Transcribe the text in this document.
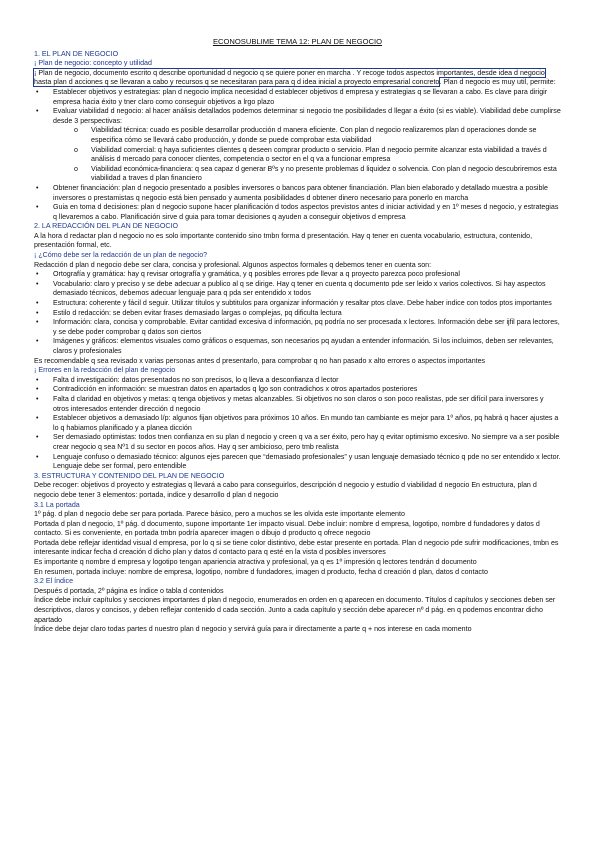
ECONOSUBLIME TEMA 12: PLAN DE NEGOCIO

1. EL PLAN DE NEGOCIO

¡ Plan de negocio: concepto y utilidad

¡ Plan de negocio, documento escrito q describe oportunidad d negocio q se quiere poner en marcha . Y recoge todos aspectos importantes, desde idea d negocio hasta plan d acciones q se llevaran a cabo y recursos q se necesitaran para para q d idea inicial a proyecto empresarial concreto. Plan d negocio es muy util, permite:

• Establecer objetivos y estrategias: plan d negocio implica necesidad d establecer objetivos d empresa y estrategias q se llevaran a cabo. Es clave para dirigir empresa hacia éxito y tner claro como conseguir objetivos a lrgo plazo
• Evaluar viabilidad d negocio: al hacer análisis detallados podemos determinar si negocio tne posibilidades d llegar a éxito (si es viable). Viabilidad debe cumplirse desde 3 perspectivas:
o Viabilidad técnica: cuado es posible desarrollar producción d manera eficiente. Con plan d negocio realizaremos plan d operaciones donde se especifica cómo se llevará cabo producción, y donde se puede comprobar esta viabilidad
o Viabilidad comercial: q haya suficientes clientes q deseen comprar producto o servicio. Plan d negocio permite alcanzar esta viabilidad a través d análisis d mercado para conocer clientes, competencia o sector en el q va a funcionar empresa
o Viabilidad económica-financiera: q sea capaz d generar Bºs y no presente problemas d liquidez o solvencia. Con plan d negocio descubriremos esta viabilidad a traves d plan financiero
• Obtener financiación: plan d negocio presentado a posibles inversores o bancos para obtener financiación. Plan bien elaborado y detallado muestra a posible inversores o prestamistas q negocio está bien pensado y aumenta posibilidades d obtener dinero necesario para ponerlo en marcha
• Guia en toma d decisiones: plan d negocio supone hacer planificación d todos aspectos previstos antes d iniciar actividad y en 1º meses d negocio, y estrategias q llevaremos a cabo. Planificación sirve d guia para tomar decisiones q ayuden a conseguir objetivos d empresa

2. LA REDACCIÓN DEL PLAN DE NEGOCIO

A la hora d redactar plan d negocio no es solo importante contenido sino tmbn forma d presentación. Hay q tener en cuenta vocabulario, estructura, contenido, presentación formal, etc.

¡ ¿Cómo debe ser la redacción de un plan de negocio?

Redacción d plan d negocio debe ser clara, concisa y profesional. Algunos aspectos formales q debemos tener en cuenta son:

• Ortografía y gramática: hay q revisar ortografía y gramática, y q posibles errores pde llevar a q proyecto parezca poco profesional
• Vocabulario: claro y preciso y se debe adecuar a publico al q se dirige. Hay q tener en cuenta q documento pde ser leido x varios colectivos. Si hay aspectos demasiado técnicos, debemos adecuar lenguaje para q pda ser entendido x todos
• Estructura: coherente y fácil d seguir. Utilizar títulos y subtitulos para organizar información y resaltar ptos clave. Debe haber indice con todos ptos importantes
• Estilo d redacción: se deben evitar frases demasiado largas o complejas, pq dificulta lectura
• Información: clara, concisa y comprobable. Evitar cantidad excesiva d información, pq podría no ser procesada x lectores. Información debe ser ijfil para lectores, y se debe poder comprobar q datos son ciertos
• Imágenes y gráficos: elementos visuales como gráficos o esquemas, son necesarios pq ayudan a entender información. Si los incluimos, deben ser relevantes, claros y profesionales

Es recomendable q sea revisado x varias personas antes d presentarlo, para comprobar q no han pasado x alto errores o aspectos importantes

¡ Errores en la redacción del plan de negocio

• Falta d investigación: datos presentados no son precisos, lo q lleva a desconfianza d lector
• Contradicción en información: se muestran datos en apartados q lgo son contradichos x otros apartados posteriores
• Falta d claridad en objetivos y metas: q tenga objetivos y metas alcanzables. Si objetivos no son claros o son poco realistas, pde ser difícil para inversores y otros interesados entender dirección d negocio
• Establecer objetivos a demasiado l/p: algunos fijan objetivos para próximos 10 años. En mundo tan cambiante es mejor para 1º años, pq habrá q hacer ajustes a lo q habiamos planificado y a planea dicción
• Ser demasiado optimistas: todos tnen confianza en su plan d negocio y creen q va a ser éxito, pero hay q evitar optimismo excesivo. No siempre va a ser posible crear negocio q sea Nº1 d su sector en pocos años. Hay q ser ambicioso, pero tmb realista
• Lenguaje confuso o demasiado técnico: algunos ejes parecen que “demasiado profesionales” y usan lenguaje demasiado técnico q pde no ser entendido x lector. Lenguaje debe ser formal, pero entendible

3. ESTRUCTURA Y CONTENIDO DEL PLAN DE NEGOCIO

Debe recoger: objetivos d proyecto y estrategias q llevará a cabo para conseguirlos, descripción d negocio y estudio d viabilidad d negocio En estructura, plan d negocio debe tener 3 elementos: portada, indice y desarrollo d plan d negocio

3.1 La portada

1º pág. d plan d negocio debe ser para portada. Parece básico, pero a muchos se les olvida este importante elemento

Portada d plan d negocio, 1º pág. d documento, supone importante 1er impacto visual. Debe incluir: nombre d empresa, logotipo, nombre d fundadores y datos d contacto. Si es conveniente, en portada tmbn podría aparecer imagen o dibujo d producto q ofrece negocio

Portada debe reflejar identidad visual d empresa, por lo q si se tiene color distintivo, debe estar presente en portada. Plan d negocio pde sufrir modificaciones, tmbn es interesante indicar fecha d creación d dicho plan y datos d contacto para q esté en la vista d posibles inversores

Es importante q nombre d empresa y logotipo tengan apariencia atractiva y profesional, ya q es 1º impresión q lectores tendrán d documento

En resumen, portada incluye: nombre de empresa, logotipo, nombre d fundadores, imagen d producto, fecha d creación d plan, datos d contacto

3.2 El índice

Después d portada, 2º página es índice o tabla d contenidos

Índice debe incluir capítulos y secciones importantes d plan d negocio, enumerados en orden en q aparecen en documento. Títulos d capítulos y secciones deben ser descriptivos, claros y concisos, y deben reflejar contenido d cada sección. Junto a cada capítulo y sección debe aparecer nº d pág. en q podemos encontrar dicho apartado

Índice debe dejar claro todas partes d nuestro plan d negocio y servirá guía para ir directamente a parte q + nos interese en cada momento
